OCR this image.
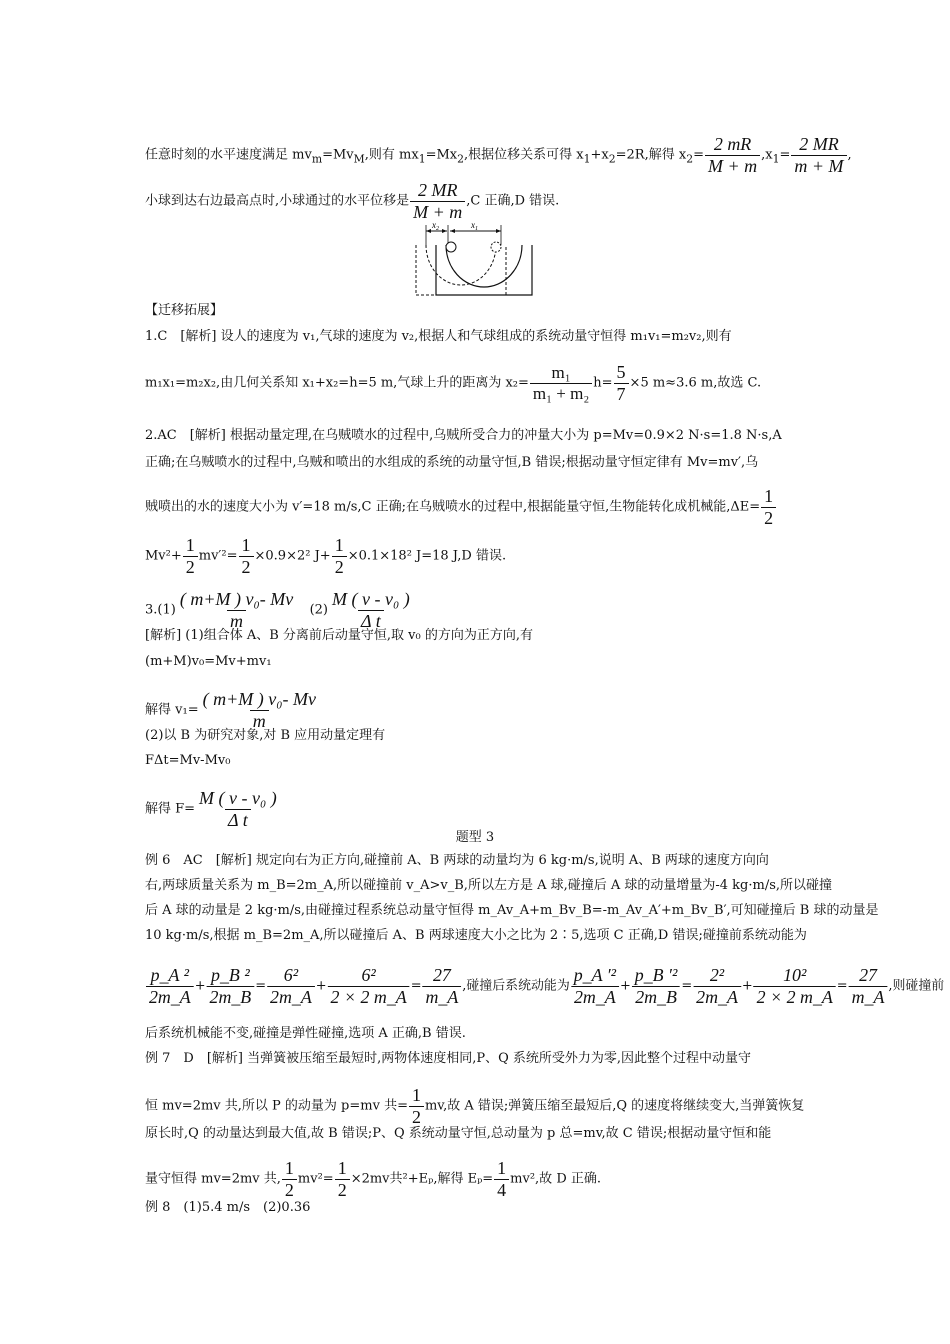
任意时刻的水平速度满足 $mv_m=Mv_M$,则有 $mx_1=Mx_2$,根据位移关系可得 $x_1+x_2=2R$,解得 $x_2= \frac{2 mR}{M + m} ,x_1= \frac{2 MR}{m + M}$ ,
小球到达右边最高点时,小球通过的水平位移是 $\frac{2 MR}{M + m} ,C$ 正确,D 错误.
$x_2$	$x_1$
【迁移拓展】
1.C　[解析] 设人的速度为 v₁,气球的速度为 v₂,根据人和气球组成的系统动量守恒得 m₁v₁=m₂v₂,则有
m₁x₁=m₂x₂,由几何关系知 x₁+x₂=h=5 m,气球上升的距离为 $x_2= \frac{\text{m₁}}{\text{m₁ + m₂}} h= \frac{5}{7} \times 5$ m≈3.6 m,故选 C.
2.AC　[解析] 根据动量定理,在乌贼喷水的过程中,乌贼所受合力的冲量大小为 p=Mv=0.9×2 N·s=1.8 N·s,A
正确;在乌贼喷水的过程中,乌贼和喷出的水组成的系统的动量守恒,B 错误;根据动量守恒定律有 Mv=mv′,乌
贼喷出的水的速度大小为 v′=18 m/s,C 正确;在乌贼喷水的过程中,根据能量守恒,生物能转化成机械能$,\Delta E= \frac{1}{2}$
$Mv^2+ \frac{1}{2} mv'^2= \frac{1}{2} \times 0.9\times 2^2$ $J+ \frac{1}{2} \times 0.1\times 18^2$ J=18 J,D 错误.
$3.(1) \frac{\text{( m+M ) v₀- Mv}}{m} (2) \frac{\text{M ( v - v₀ )}}{\text{Δ t}}$
[解析] (1)组合体 A、B 分离前后动量守恒,取 v₀ 的方向为正方向,有
(m+M)v₀=Mv+mv₁
解得 $v_1= \frac{\text{( m+M ) v₀- Mv}}{m}$
(2)以 B 为研究对象,对 B 应用动量定理有
FΔt=Mv-Mv₀
解得 $F= \frac{\text{M ( v - v₀ )}}{\text{Δ t}}$
题型 3
例 6　AC　[解析] 规定向右为正方向,碰撞前 A、B 两球的动量均为 6 kg·m/s,说明 A、B 两球的速度方向向
右,两球质量关系为 m_B=2m_A,所以碰撞前 v_A>v_B,所以左方是 A 球,碰撞后 A 球的动量增量为-4 kg·m/s,所以碰撞
后 A 球的动量是 2 kg·m/s,由碰撞过程系统总动量守恒得 m_Av_A+m_Bv_B=-m_Av_A′+m_Bv_B′,可知碰撞后 B 球的动量是
10 kg·m/s,根据 m_B=2m_A,所以碰撞后 A、B 两球速度大小之比为 2∶5,选项 C 正确,D 错误;碰撞前系统动能为
$\frac{\text{p\_A ²}}{2m\_A} + \frac{\text{p\_B ²}}{2m\_B} = \frac{\text{6²}}{2m\_A} + \frac{\text{6²}}{2 \times 2 m\_A} = \frac{27}{m\_A}$ ,碰撞后系统动能为 $\frac{\text{p\_A ′²}}{2m\_A} + \frac{\text{p\_B ′²}}{2m\_B} = \frac{\text{2²}}{2m\_A} + \frac{\text{10²}}{2 \times 2 m\_A} = \frac{27}{m\_A}$ ,则碰撞前
后系统机械能不变,碰撞是弹性碰撞,选项 A 正确,B 错误.
例 7　D　[解析] 当弹簧被压缩至最短时,两物体速度相同,P、Q 系统所受外力为零,因此整个过程中动量守
恒 mv=2mv 共,所以 P 的动量为 p=mv 共= $\frac{1}{2}$ mv,故 A 错误;弹簧压缩至最短后,Q 的速度将继续变大,当弹簧恢复
原长时,Q 的动量达到最大值,故 B 错误;P、Q 系统动量守恒,总动量为 p 总=mv,故 C 错误;根据动量守恒和能
量守恒得 mv=2mv 共, $\frac{1}{2} mv^2= \frac{1}{2} \times 2mv$共²+Eₚ,解得 $E_p= \frac{1}{4} mv^2$,故 D 正确.
例 8　(1)5.4 m/s　(2)0.36
